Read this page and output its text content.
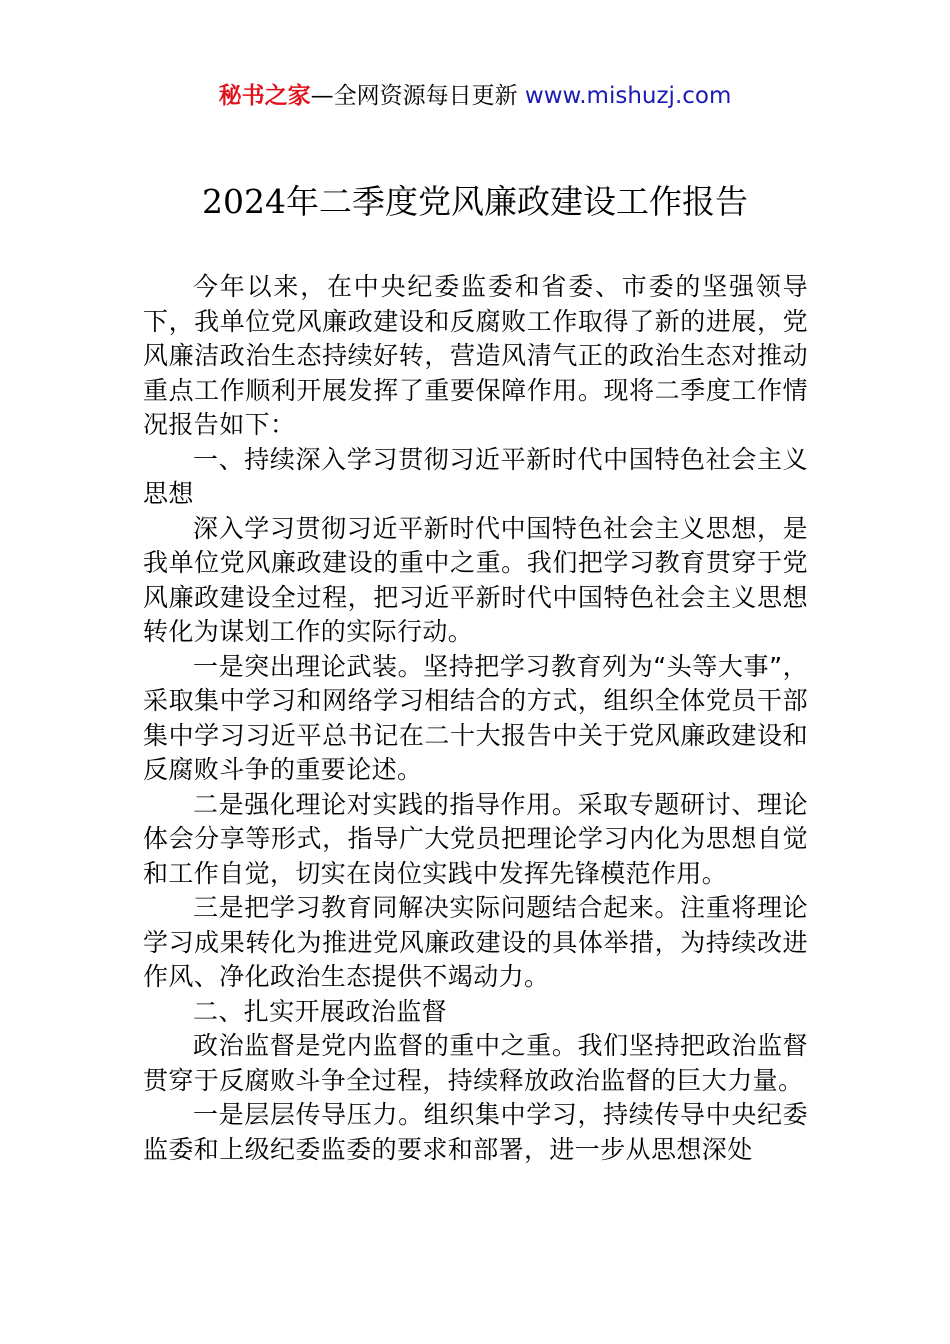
秘书之家—全网资源每日更新 www.mishuzj.com
2024年二季度党风廉政建设工作报告

今年以来，在中央纪委监委和省委、市委的坚强领导下，我单位党风廉政建设和反腐败工作取得了新的进展，党风廉洁政治生态持续好转，营造风清气正的政治生态对推动重点工作顺利开展发挥了重要保障作用。现将二季度工作情况报告如下：

一、持续深入学习贯彻习近平新时代中国特色社会主义思想

深入学习贯彻习近平新时代中国特色社会主义思想，是我单位党风廉政建设的重中之重。我们把学习教育贯穿于党风廉政建设全过程，把习近平新时代中国特色社会主义思想转化为谋划工作的实际行动。

一是突出理论武装。坚持把学习教育列为“头等大事”，采取集中学习和网络学习相结合的方式，组织全体党员干部集中学习习近平总书记在二十大报告中关于党风廉政建设和反腐败斗争的重要论述。

二是强化理论对实践的指导作用。采取专题研讨、理论体会分享等形式，指导广大党员把理论学习内化为思想自觉和工作自觉，切实在岗位实践中发挥先锋模范作用。

三是把学习教育同解决实际问题结合起来。注重将理论学习成果转化为推进党风廉政建设的具体举措，为持续改进作风、净化政治生态提供不竭动力。

二、扎实开展政治监督

政治监督是党内监督的重中之重。我们坚持把政治监督贯穿于反腐败斗争全过程，持续释放政治监督的巨大力量。

一是层层传导压力。组织集中学习，持续传导中央纪委监委和上级纪委监委的要求和部署，进一步从思想深处
